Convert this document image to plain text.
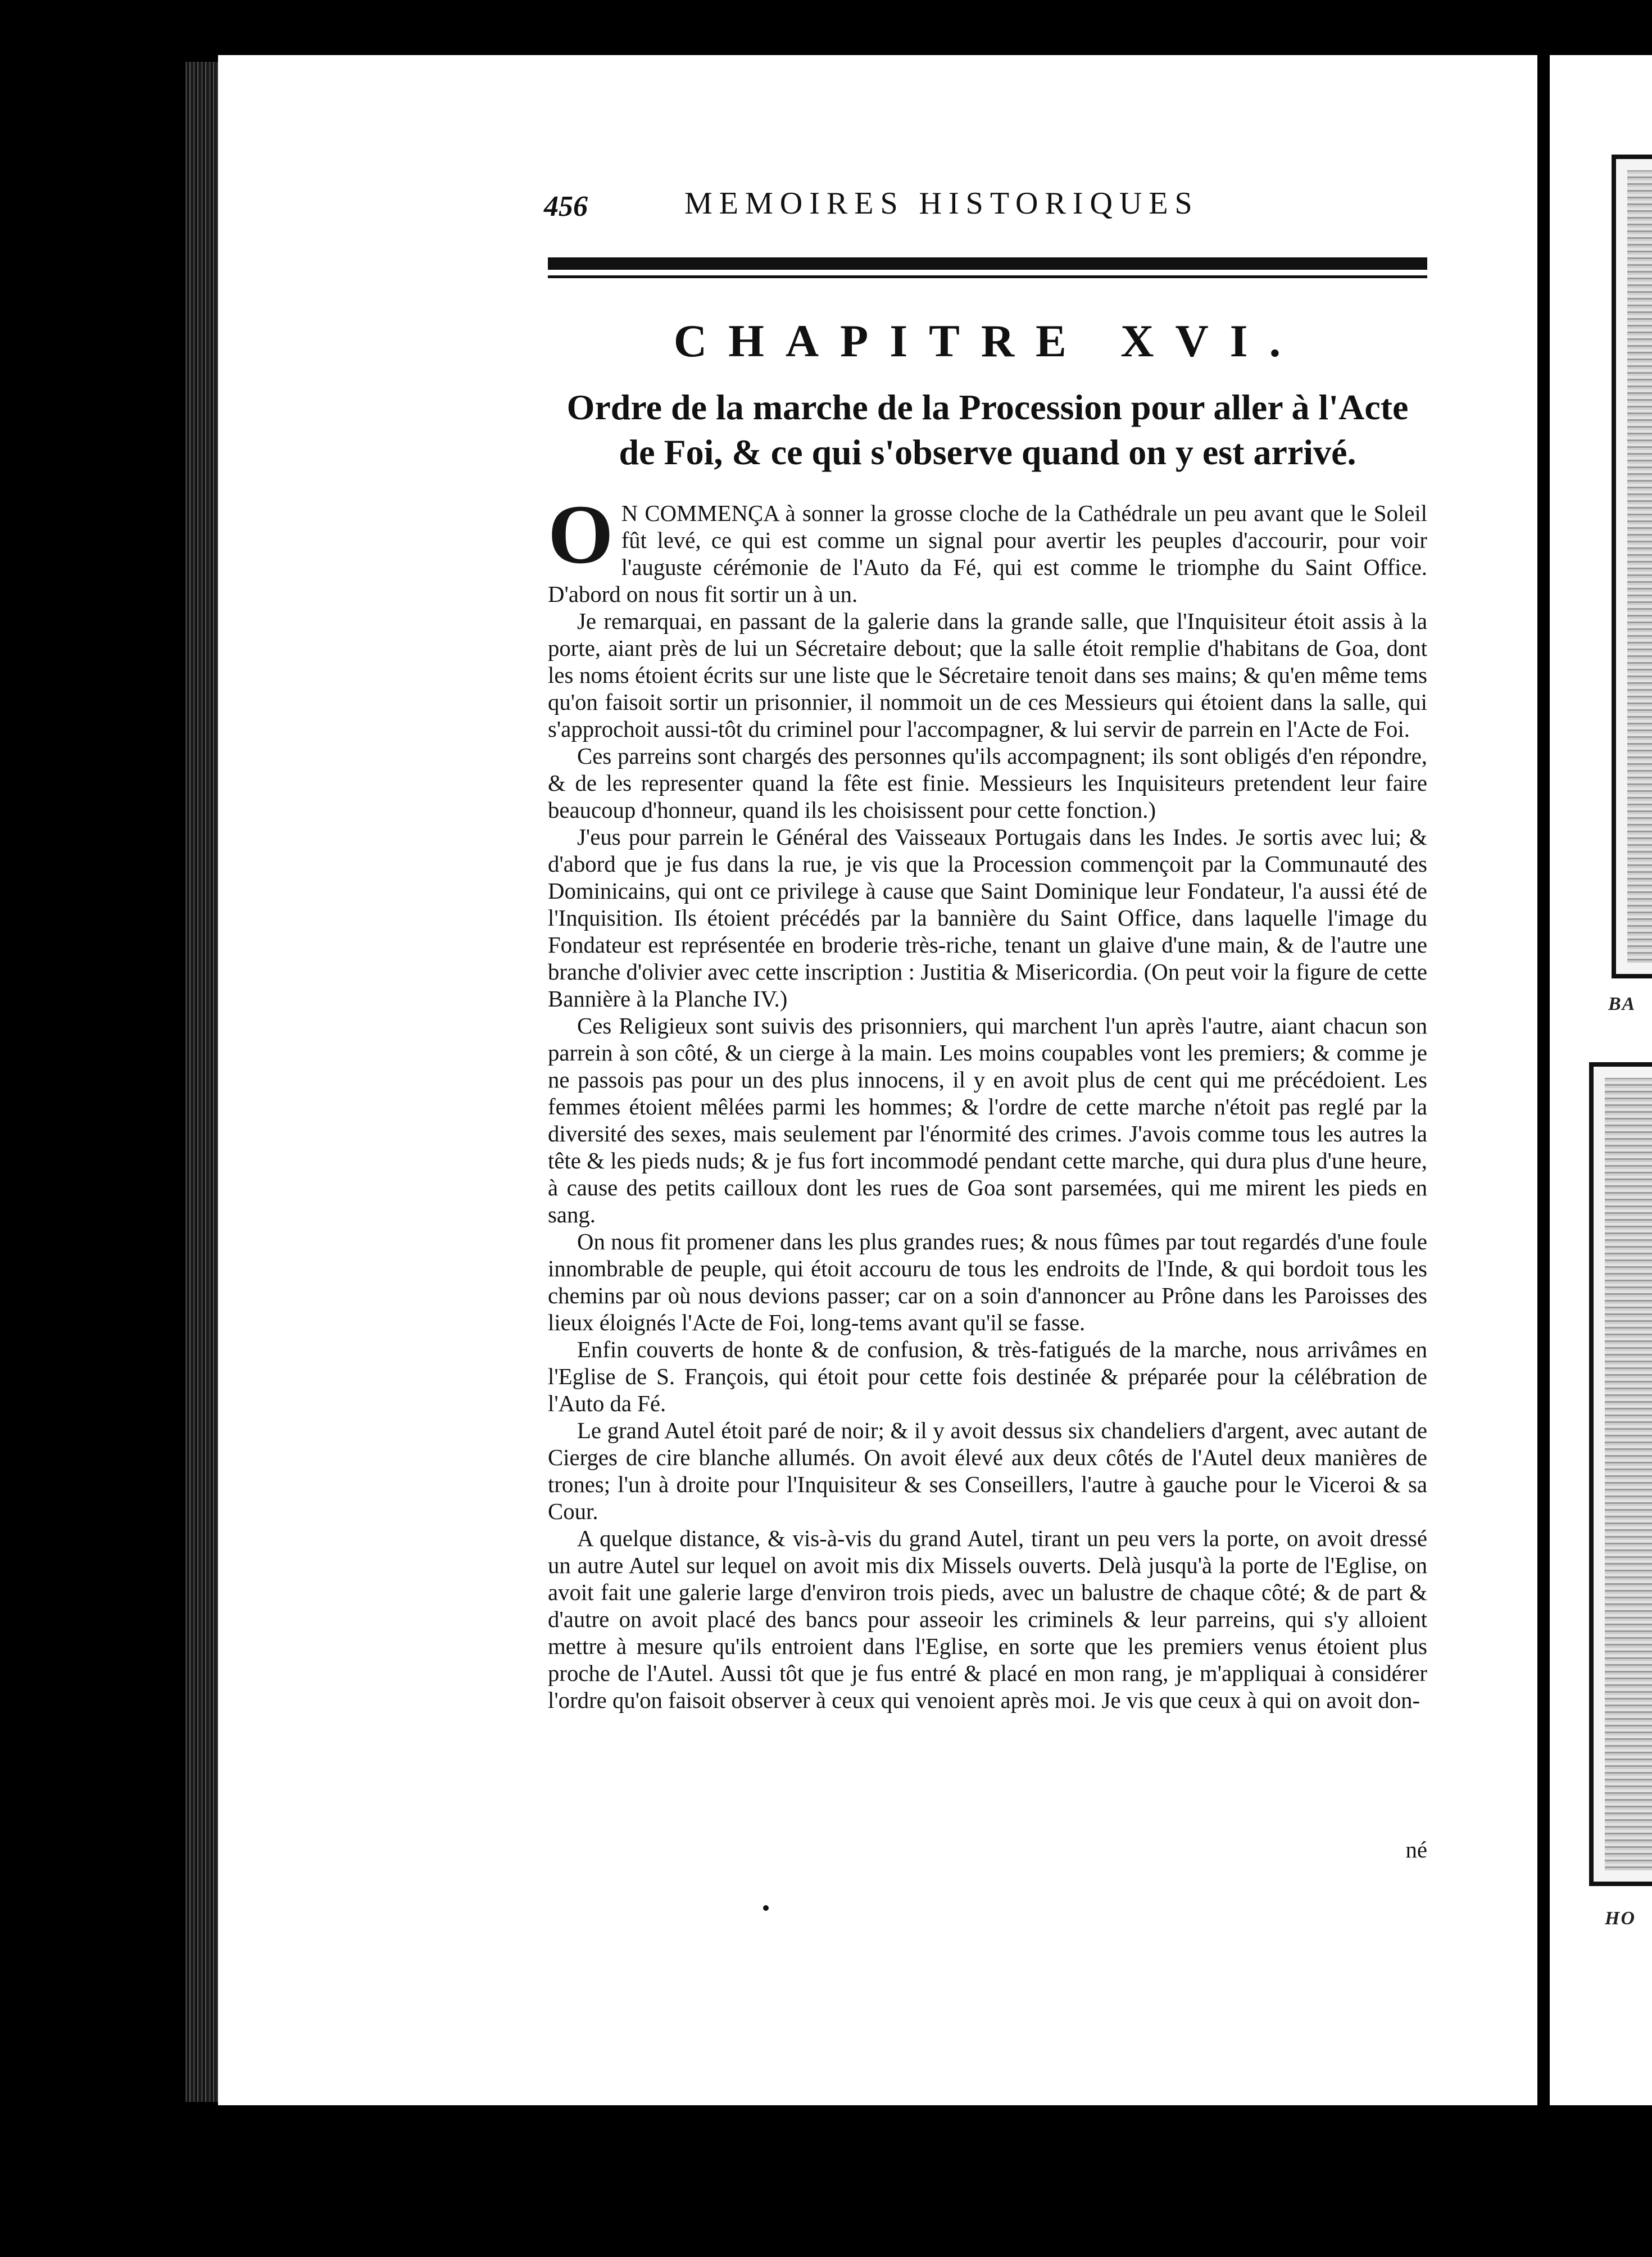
BA
HO
456	MEMOIRES HISTORIQUES
CHAPITRE XVI.
Ordre de la marche de la Procession pour aller à l'Acte
de Foi, & ce qui s'observe quand on y est arrivé.

O N COMMENÇA à sonner la grosse cloche de la Cathédrale un peu avant que le Soleil fût levé, ce qui est comme un signal pour avertir les peuples d'accourir, pour voir l'auguste cérémonie de l'Auto da Fé, qui est comme le triomphe du Saint Office. D'abord on nous fit sortir un à un.

Je remarquai, en passant de la galerie dans la grande salle, que l'Inquisiteur étoit assis à la porte, aiant près de lui un Sécretaire debout; que la salle étoit remplie d'habitans de Goa, dont les noms étoient écrits sur une liste que le Sécretaire tenoit dans ses mains; & qu'en même tems qu'on faisoit sortir un prisonnier, il nommoit un de ces Messieurs qui étoient dans la salle, qui s'approchoit aussi-tôt du criminel pour l'accompagner, & lui servir de parrein en l'Acte de Foi.

Ces parreins sont chargés des personnes qu'ils accompagnent; ils sont obligés d'en répondre, & de les representer quand la fête est finie. Messieurs les Inquisiteurs pretendent leur faire beaucoup d'honneur, quand ils les choisissent pour cette fonction.)

J'eus pour parrein le Général des Vaisseaux Portugais dans les Indes. Je sortis avec lui; & d'abord que je fus dans la rue, je vis que la Procession commençoit par la Communauté des Dominicains, qui ont ce privilege à cause que Saint Dominique leur Fondateur, l'a aussi été de l'Inquisition. Ils étoient précédés par la bannière du Saint Office, dans laquelle l'image du Fondateur est représentée en broderie très-riche, tenant un glaive d'une main, & de l'autre une branche d'olivier avec cette inscription : Justitia & Misericordia. (On peut voir la figure de cette Bannière à la Planche IV.)

Ces Religieux sont suivis des prisonniers, qui marchent l'un après l'autre, aiant chacun son parrein à son côté, & un cierge à la main. Les moins coupables vont les premiers; & comme je ne passois pas pour un des plus innocens, il y en avoit plus de cent qui me précédoient. Les femmes étoient mêlées parmi les hommes; & l'ordre de cette marche n'étoit pas reglé par la diversité des sexes, mais seulement par l'énormité des crimes. J'avois comme tous les autres la tête & les pieds nuds; & je fus fort incommodé pendant cette marche, qui dura plus d'une heure, à cause des petits cailloux dont les rues de Goa sont parsemées, qui me mirent les pieds en sang.

On nous fit promener dans les plus grandes rues; & nous fûmes par tout regardés d'une foule innombrable de peuple, qui étoit accouru de tous les endroits de l'Inde, & qui bordoit tous les chemins par où nous devions passer; car on a soin d'annoncer au Prône dans les Paroisses des lieux éloignés l'Acte de Foi, long-tems avant qu'il se fasse.

Enfin couverts de honte & de confusion, & très-fatigués de la marche, nous arrivâmes en l'Eglise de S. François, qui étoit pour cette fois destinée & préparée pour la célébration de l'Auto da Fé.

Le grand Autel étoit paré de noir; & il y avoit dessus six chandeliers d'argent, avec autant de Cierges de cire blanche allumés. On avoit élevé aux deux côtés de l'Autel deux manières de trones; l'un à droite pour l'Inquisiteur & ses Conseillers, l'autre à gauche pour le Viceroi & sa Cour.

A quelque distance, & vis-à-vis du grand Autel, tirant un peu vers la porte, on avoit dressé un autre Autel sur lequel on avoit mis dix Missels ouverts. Delà jusqu'à la porte de l'Eglise, on avoit fait une galerie large d'environ trois pieds, avec un balustre de chaque côté; & de part & d'autre on avoit placé des bancs pour asseoir les criminels & leur parreins, qui s'y alloient mettre à mesure qu'ils entroient dans l'Eglise, en sorte que les premiers venus étoient plus proche de l'Autel. Aussi tôt que je fus entré & placé en mon rang, je m'appliquai à considérer l'ordre qu'on faisoit observer à ceux qui venoient après moi. Je vis que ceux à qui on avoit don-

né
